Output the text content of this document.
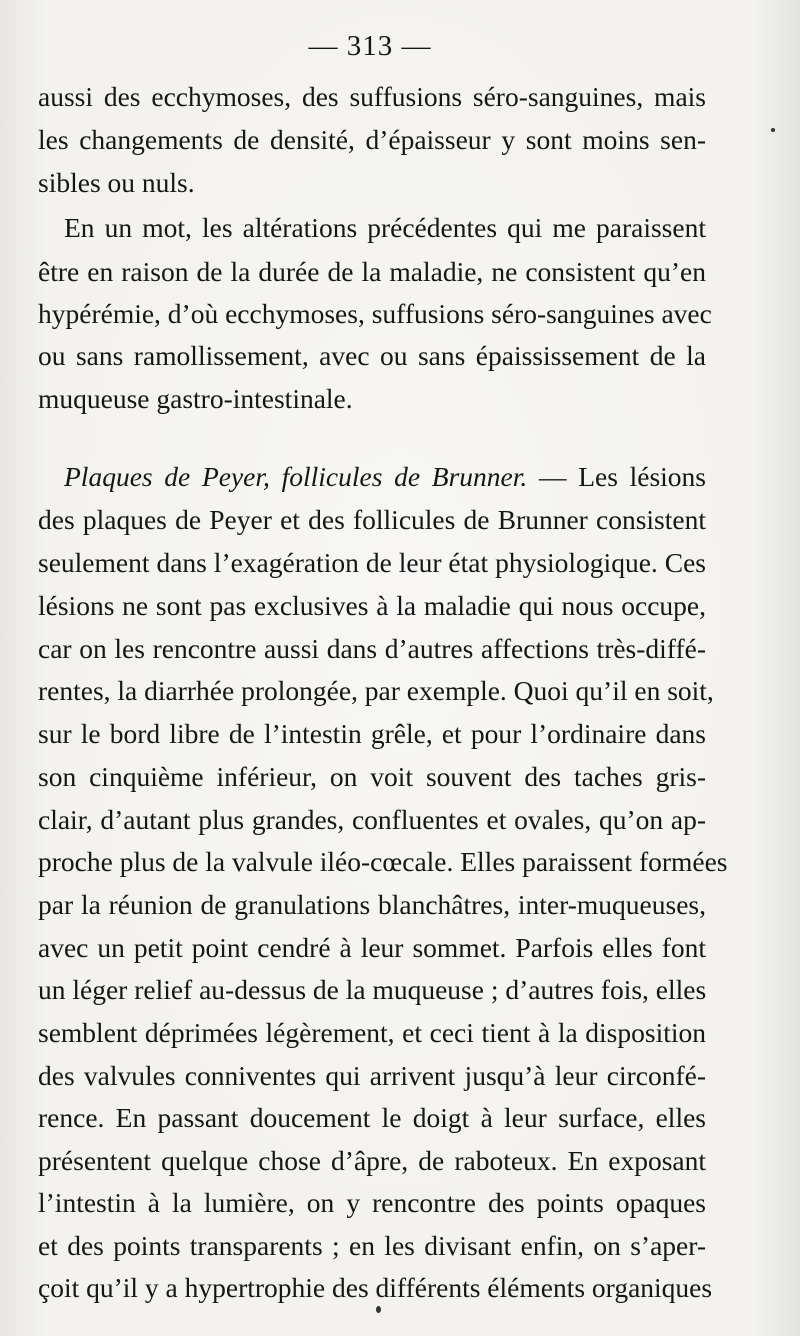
— 313 —
aussi des ecchymoses, des suffusions séro-sanguines, mais
les changements de densité, d’épaisseur y sont moins sen-
sibles ou nuls.
En un mot, les altérations précédentes qui me paraissent
être en raison de la durée de la maladie, ne consistent qu’en
hypérémie, d’où ecchymoses, suffusions séro-sanguines avec
ou sans ramollissement, avec ou sans épaississement de la
muqueuse gastro-intestinale.
Plaques de Peyer, follicules de Brunner. — Les lésions
des plaques de Peyer et des follicules de Brunner consistent
seulement dans l’exagération de leur état physiologique. Ces
lésions ne sont pas exclusives à la maladie qui nous occupe,
car on les rencontre aussi dans d’autres affections très-diffé-
rentes, la diarrhée prolongée, par exemple. Quoi qu’il en soit,
sur le bord libre de l’intestin grêle, et pour l’ordinaire dans
son cinquième inférieur, on voit souvent des taches gris-
clair, d’autant plus grandes, confluentes et ovales, qu’on ap-
proche plus de la valvule iléo-cœcale. Elles paraissent formées
par la réunion de granulations blanchâtres, inter-muqueuses,
avec un petit point cendré à leur sommet. Parfois elles font
un léger relief au-dessus de la muqueuse ; d’autres fois, elles
semblent déprimées légèrement, et ceci tient à la disposition
des valvules conniventes qui arrivent jusqu’à leur circonfé-
rence. En passant doucement le doigt à leur surface, elles
présentent quelque chose d’âpre, de raboteux. En exposant
l’intestin à la lumière, on y rencontre des points opaques
et des points transparents ; en les divisant enfin, on s’aper-
çoit qu’il y a hypertrophie des différents éléments organiques
